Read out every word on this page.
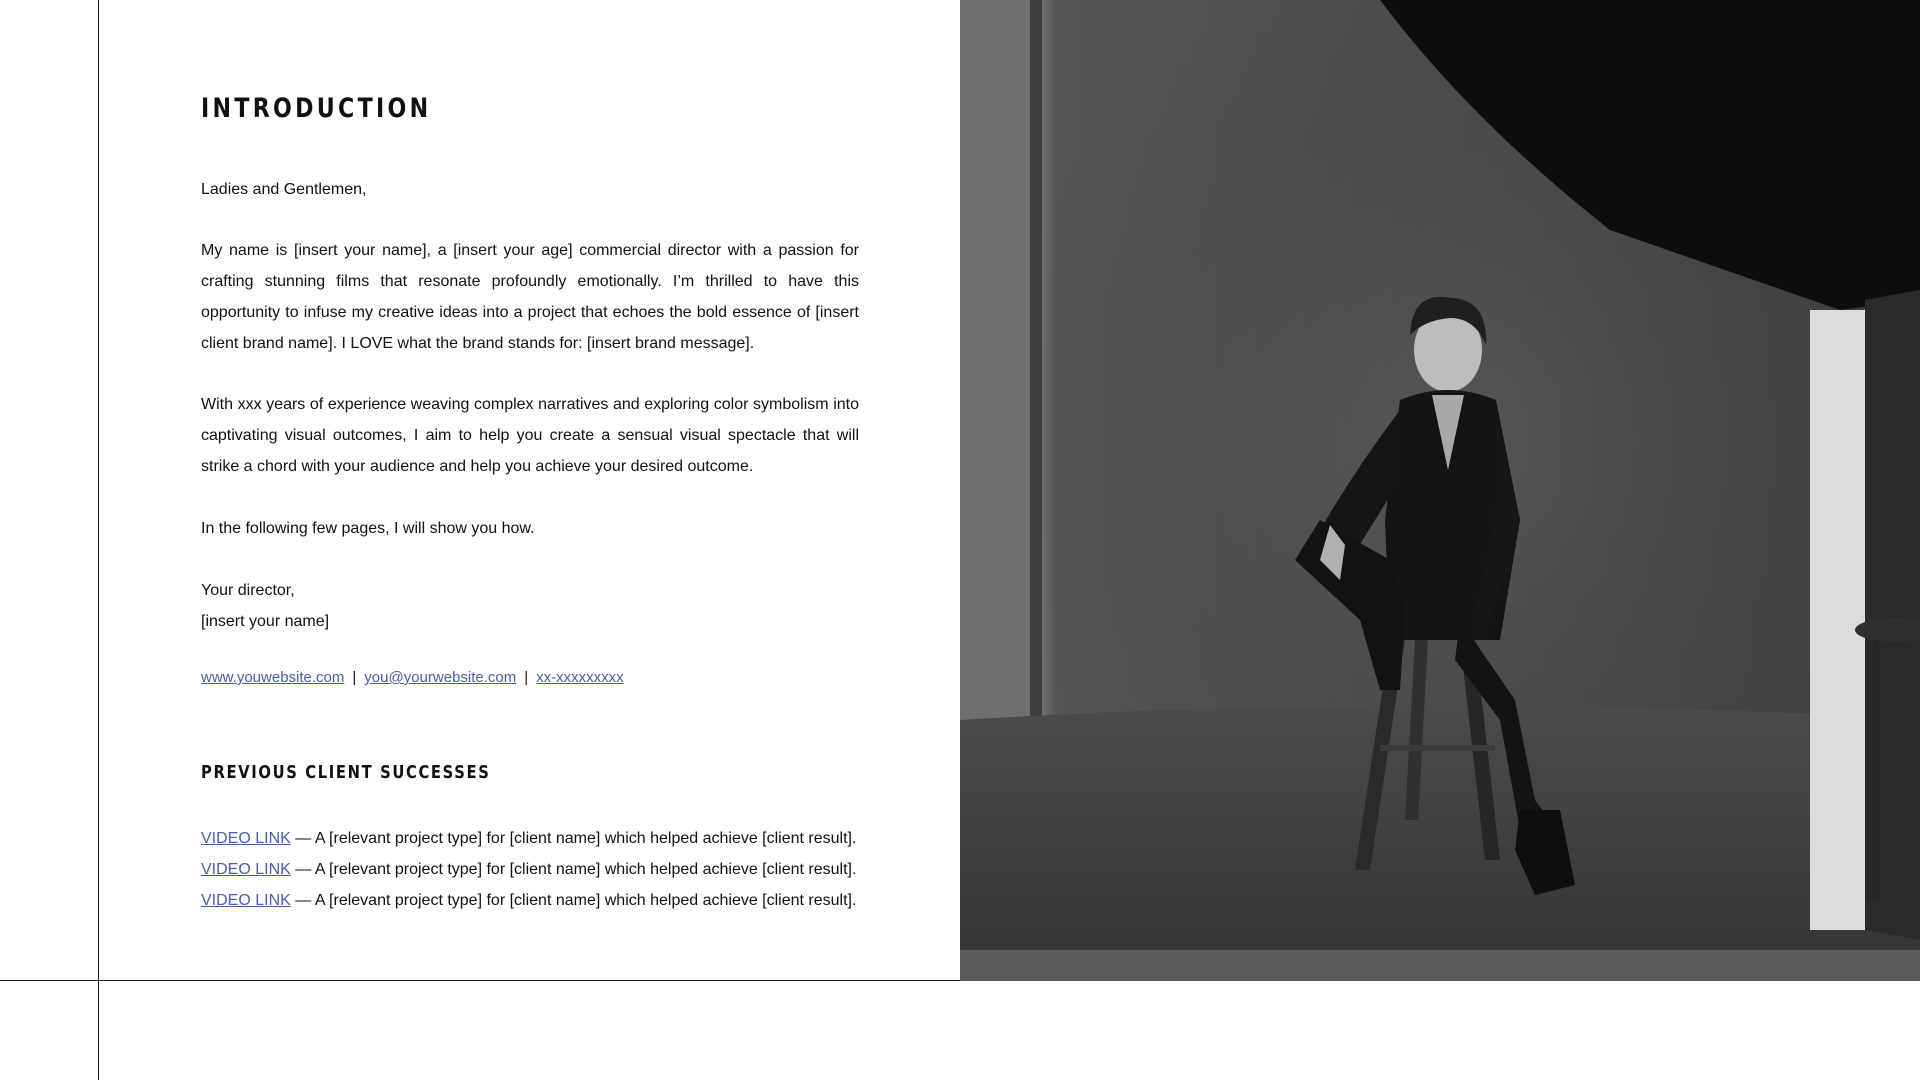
INTRODUCTION

Ladies and Gentlemen,

My name is [insert your name], a [insert your age] commercial director with a passion for crafting stunning films that resonate profoundly emotionally. I’m thrilled to have this opportunity to infuse my creative ideas into a project that echoes the bold essence of [insert client brand name]. I LOVE what the brand stands for: [insert brand message].

With xxx years of experience weaving complex narratives and exploring color symbolism into captivating visual outcomes, I aim to help you create a sensual visual spectacle that will strike a chord with your audience and help you achieve your desired outcome.

In the following few pages, I will show you how.

Your director,
[insert your name]
www.youwebsite.com | you@yourwebsite.com | xx-xxxxxxxxx
PREVIOUS CLIENT SUCCESSES
VIDEO LINK — A [relevant project type] for [client name] which helped achieve [client result].
VIDEO LINK — A [relevant project type] for [client name] which helped achieve [client result].
VIDEO LINK — A [relevant project type] for [client name] which helped achieve [client result].
